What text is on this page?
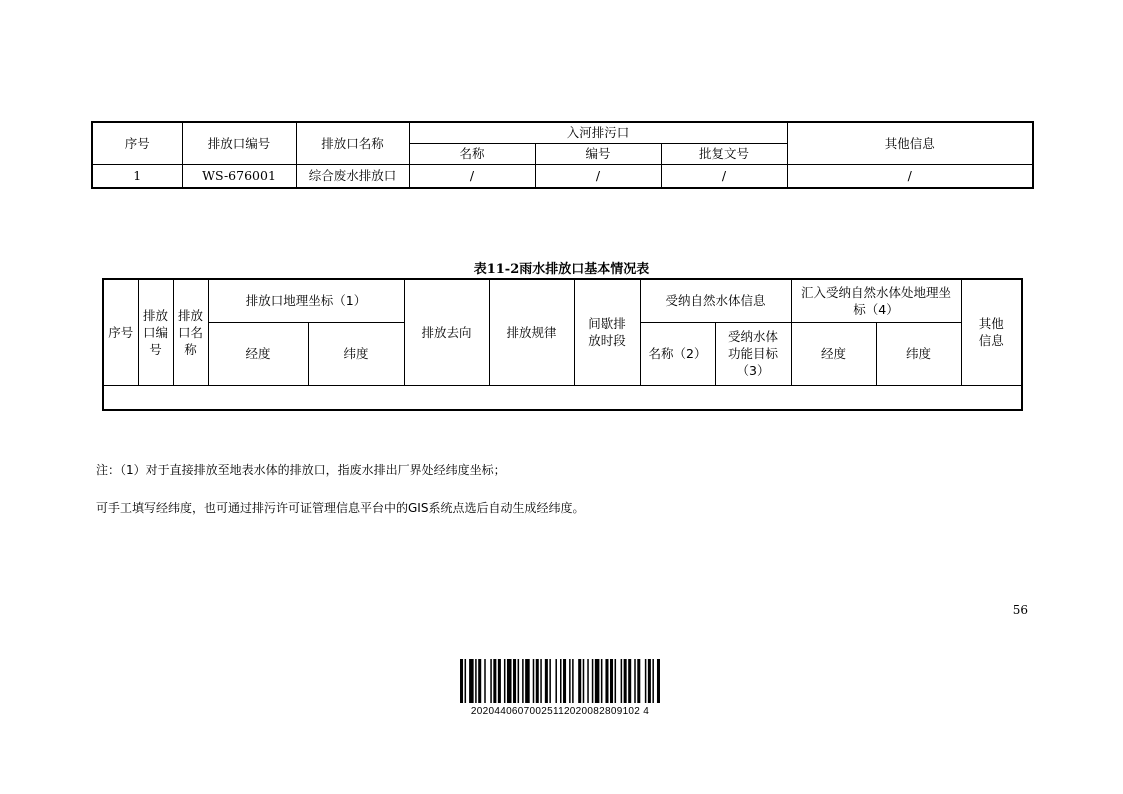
序号	排放口编号	排放口名称	入河排污口			其他信息
			名称	编号	批复文号	
1	WS-676001	综合废水排放口	/	/	/	/
表11-2雨水排放口基本情况表
序号	排放口编号	排放口名称	排放口地理坐标（1）		排放去向	排放规律	间歇排放时段	受纳自然水体信息		汇入受纳自然水体处地理坐标（4）		其他信息
			经度	纬度				名称（2）	受纳水体功能目标（3）	经度	纬度	

注：（1）对于直接排放至地表水体的排放口，指废水排出厂界处经纬度坐标；
可手工填写经纬度，也可通过排污许可证管理信息平台中的GIS系统点选后自动生成经纬度。
56
20204406070025112020082809102 4
